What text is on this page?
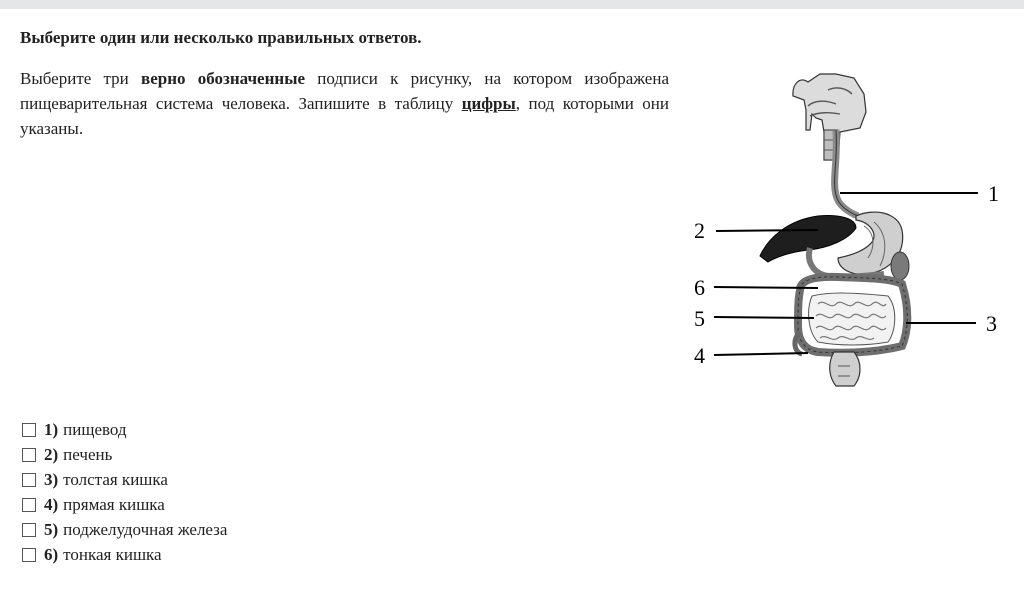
Выберите один или несколько правильных ответов.

Выберите три верно обозначенные подписи к рисунку, на котором изображена пищеварительная система человека. Запишите в таблицу цифры, под которыми они указаны.

1
2
3
4
5
6
1) пищевод
2) печень
3) толстая кишка
4) прямая кишка
5) поджелудочная железа
6) тонкая кишка
